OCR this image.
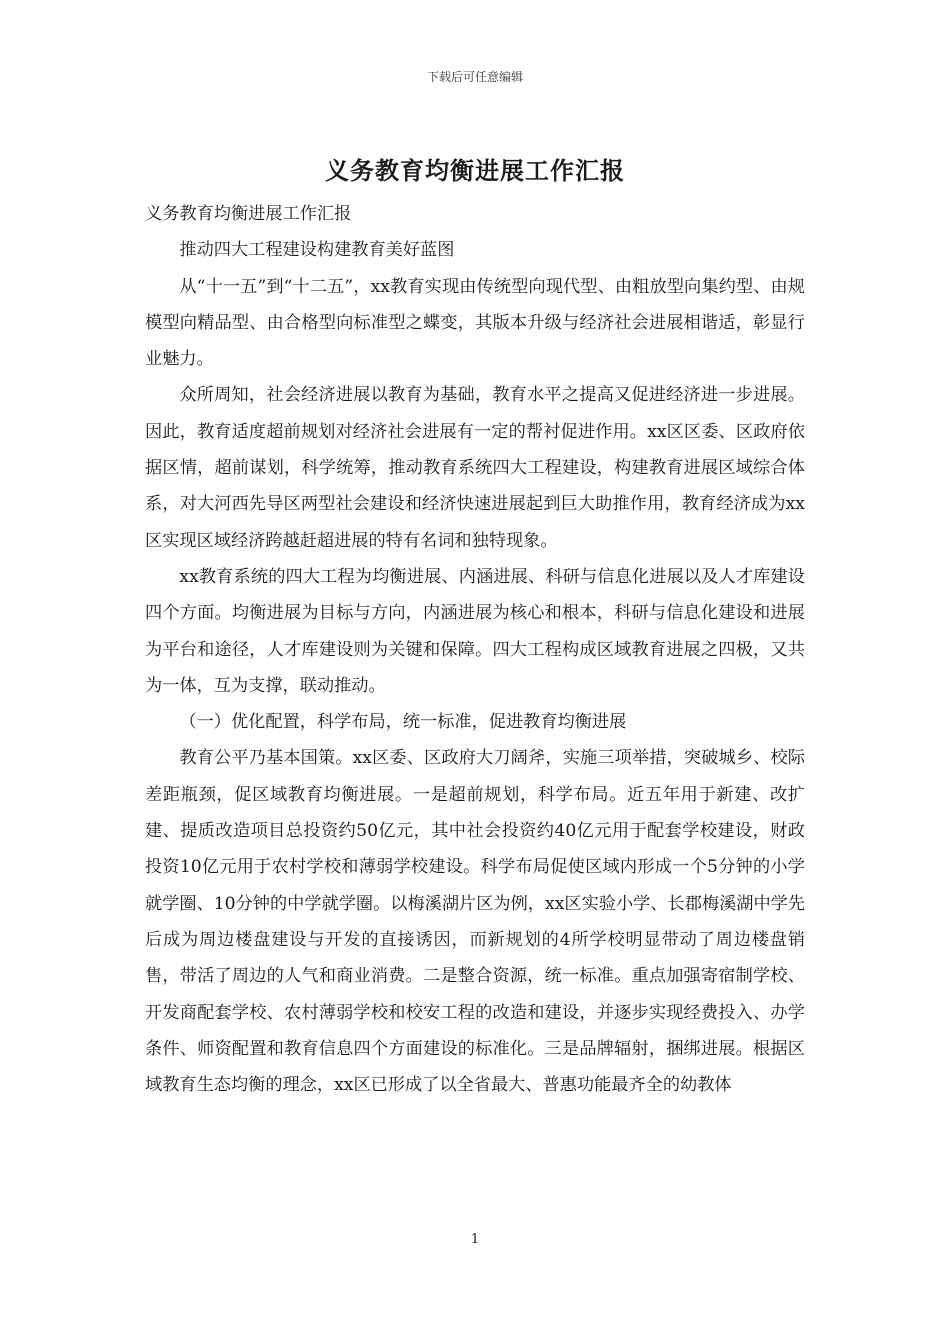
下载后可任意编辑
义务教育均衡进展工作汇报

义务教育均衡进展工作汇报

推动四大工程建设构建教育美好蓝图

从“十一五”到“十二五”，xx教育实现由传统型向现代型、由粗放型向集约型、由规模型向精品型、由合格型向标准型之蝶变，其版本升级与经济社会进展相谐适，彰显行业魅力。

众所周知，社会经济进展以教育为基础，教育水平之提高又促进经济进一步进展。因此，教育适度超前规划对经济社会进展有一定的帮衬促进作用。xx区区委、区政府依据区情，超前谋划，科学统筹，推动教育系统四大工程建设，构建教育进展区域综合体系，对大河西先导区两型社会建设和经济快速进展起到巨大助推作用，教育经济成为xx区实现区域经济跨越赶超进展的特有名词和独特现象。

xx教育系统的四大工程为均衡进展、内涵进展、科研与信息化进展以及人才库建设四个方面。均衡进展为目标与方向，内涵进展为核心和根本，科研与信息化建设和进展为平台和途径，人才库建设则为关键和保障。四大工程构成区域教育进展之四极，又共为一体，互为支撑，联动推动。

（一）优化配置，科学布局，统一标准，促进教育均衡进展

教育公平乃基本国策。xx区委、区政府大刀阔斧，实施三项举措，突破城乡、校际差距瓶颈，促区域教育均衡进展。一是超前规划，科学布局。近五年用于新建、改扩建、提质改造项目总投资约50亿元，其中社会投资约40亿元用于配套学校建设，财政投资10亿元用于农村学校和薄弱学校建设。科学布局促使区域内形成一个5分钟的小学就学圈、10分钟的中学就学圈。以梅溪湖片区为例，xx区实验小学、长郡梅溪湖中学先后成为周边楼盘建设与开发的直接诱因，而新规划的4所学校明显带动了周边楼盘销售，带活了周边的人气和商业消费。二是整合资源，统一标准。重点加强寄宿制学校、开发商配套学校、农村薄弱学校和校安工程的改造和建设，并逐步实现经费投入、办学条件、师资配置和教育信息四个方面建设的标准化。三是品牌辐射，捆绑进展。根据区域教育生态均衡的理念，xx区已形成了以全省最大、普惠功能最齐全的幼教体

1
